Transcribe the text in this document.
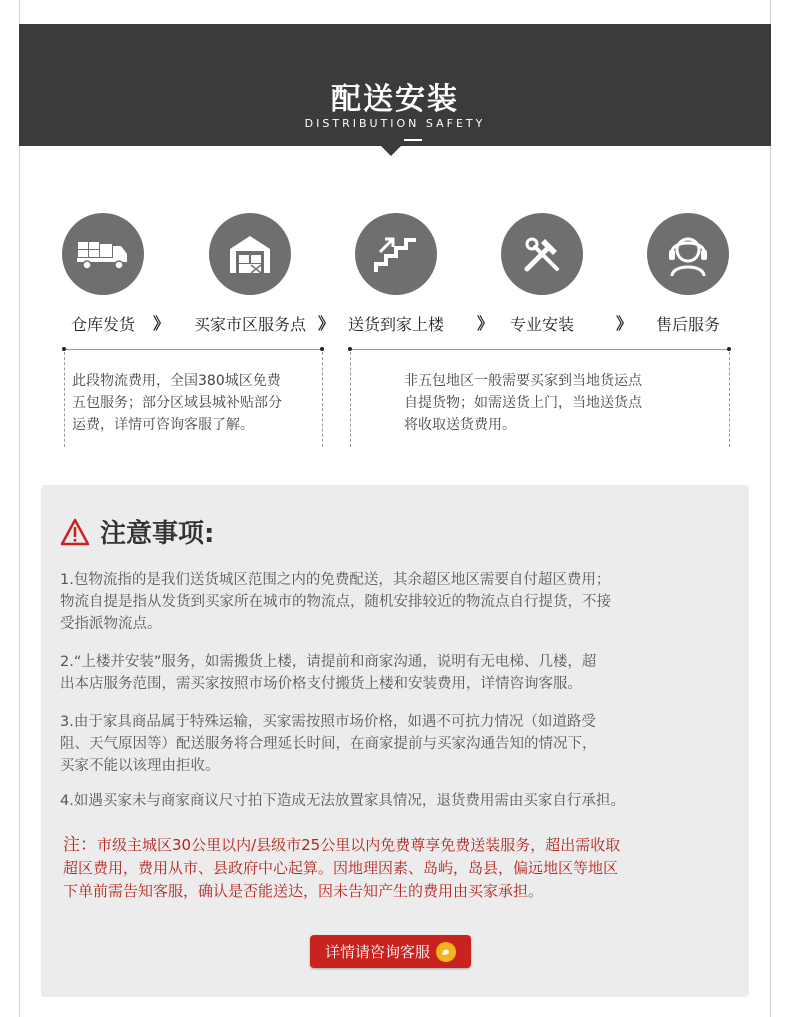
配送安装
DISTRIBUTION SAFETY
仓库发货	买家市区服务点	送货到家上楼	专业安装	售后服务
》	》	》	》
此段物流费用，全国380城区免费
五包服务；部分区域县城补贴部分
运费，详情可咨询客服了解。
非五包地区一般需要买家到当地货运点
自提货物；如需送货上门，当地送货点
将收取送货费用。
注意事项:
1.包物流指的是我们送货城区范围之内的免费配送，其余超区地区需要自付超区费用；
物流自提是指从发货到买家所在城市的物流点，随机安排较近的物流点自行提货，不接
受指派物流点。
2.“上楼并安装”服务，如需搬货上楼，请提前和商家沟通，说明有无电梯、几楼，超
出本店服务范围，需买家按照市场价格支付搬货上楼和安装费用，详情咨询客服。
3.由于家具商品属于特殊运输，买家需按照市场价格，如遇不可抗力情况（如道路受
阻、天气原因等）配送服务将合理延长时间，在商家提前与买家沟通告知的情况下，
买家不能以该理由拒收。
4.如遇买家未与商家商议尺寸拍下造成无法放置家具情况，退货费用需由买家自行承担。
注：市级主城区30公里以内/县级市25公里以内免费尊享免费送装服务，超出需收取
超区费用，费用从市、县政府中心起算。因地理因素、岛屿，岛县，偏远地区等地区
下单前需告知客服，确认是否能送达，因未告知产生的费用由买家承担。
详情请咨询客服
